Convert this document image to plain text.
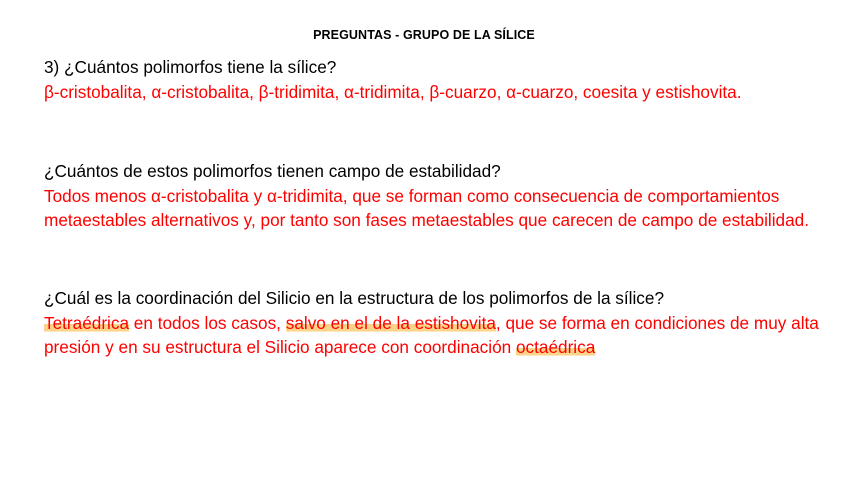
PREGUNTAS - GRUPO DE LA SÍLICE
3) ¿Cuántos polimorfos tiene la sílice?
β-cristobalita, α-cristobalita, β-tridimita, α-tridimita, β-cuarzo, α-cuarzo, coesita y estishovita.
¿Cuántos de estos polimorfos tienen campo de estabilidad?
Todos menos α-cristobalita y α-tridimita, que se forman como consecuencia de comportamientos metaestables alternativos y, por tanto son fases metaestables que carecen de campo de estabilidad.
¿Cuál es la coordinación del Silicio en la estructura de los polimorfos de la sílice?
Tetraédrica en todos los casos, salvo en el de la estishovita, que se forma en condiciones de muy alta presión y en su estructura el Silicio aparece con coordinación octaédrica
